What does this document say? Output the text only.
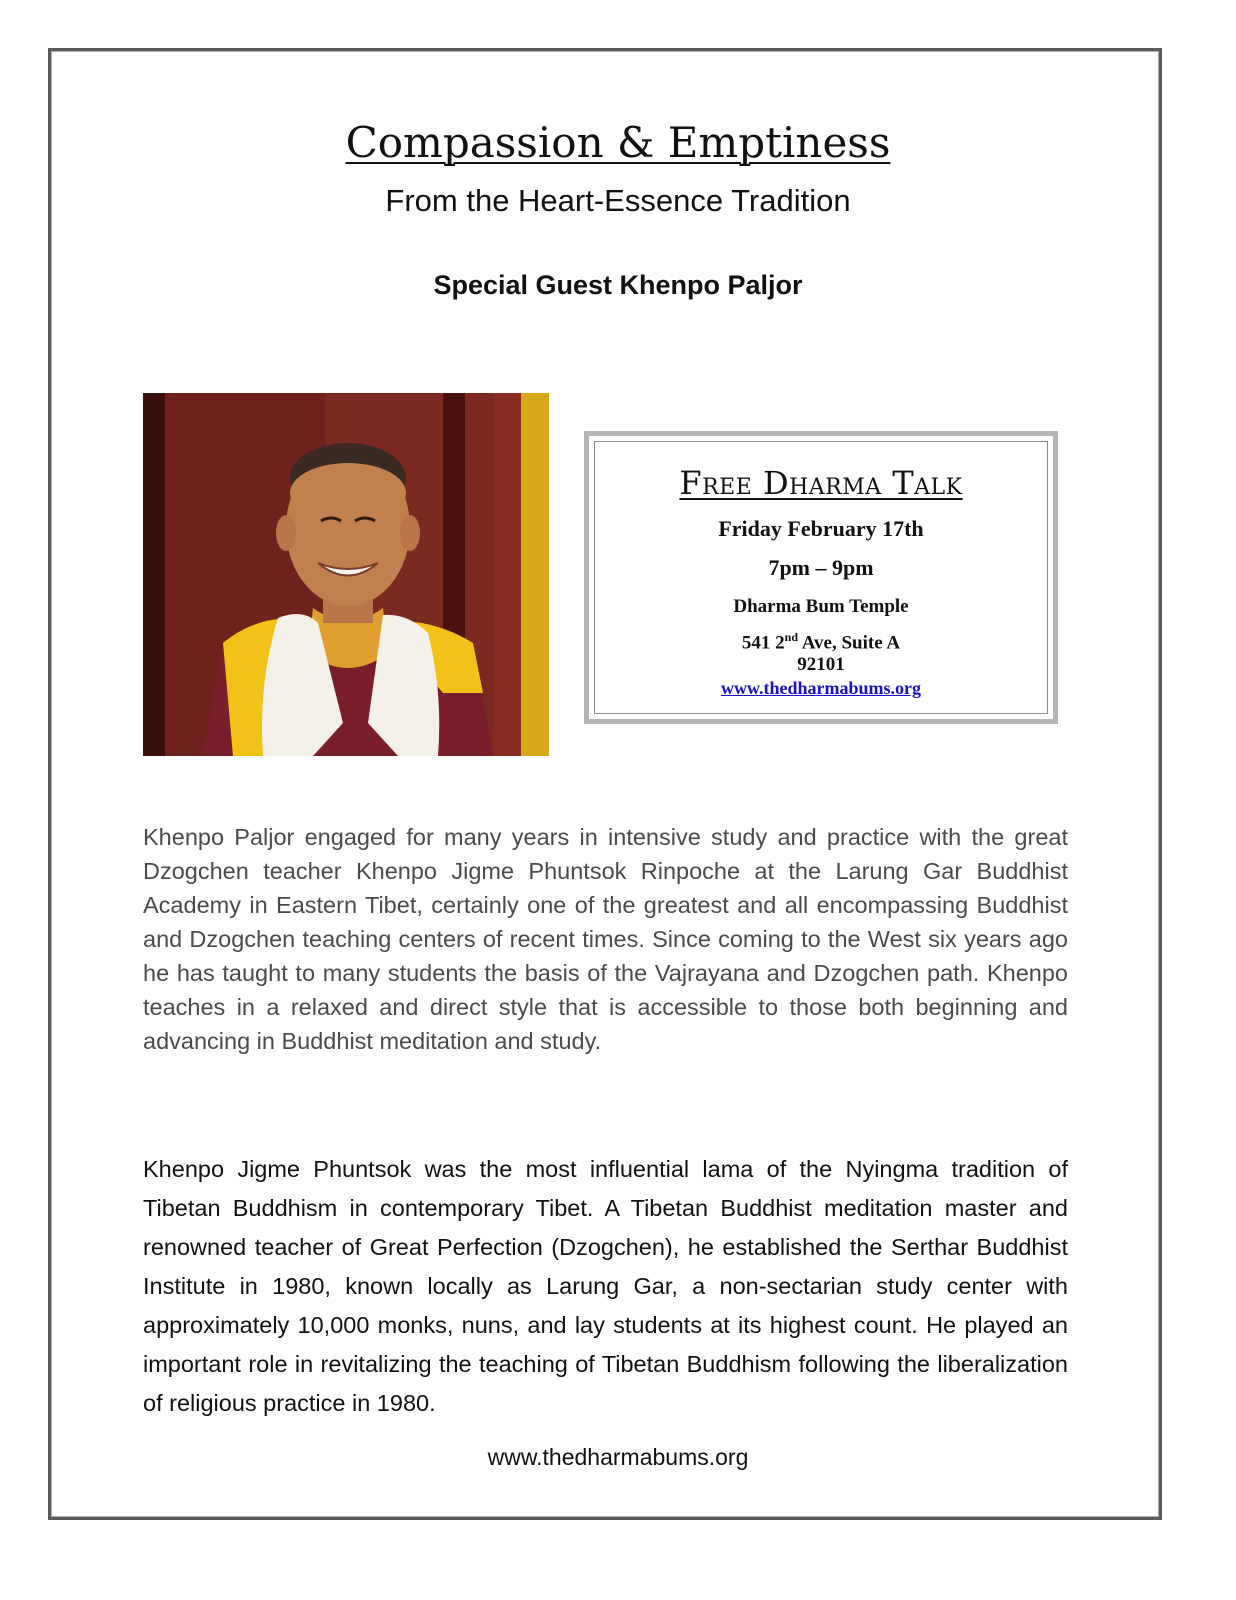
Compassion & Emptiness
From the Heart-Essence Tradition
Special Guest Khenpo Paljor
Free Dharma Talk
Friday February 17th
7pm – 9pm
Dharma Bum Temple
541 2nd Ave, Suite A
92101
www.thedharmabums.org
Khenpo Paljor engaged for many years in intensive study and practice with the great Dzogchen teacher Khenpo Jigme Phuntsok Rinpoche at the Larung Gar Buddhist Academy in Eastern Tibet, certainly one of the greatest and all encompassing Buddhist and Dzogchen teaching centers of recent times. Since coming to the West six years ago he has taught to many students the basis of the Vajrayana and Dzogchen path. Khenpo teaches in a relaxed and direct style that is accessible to those both beginning and advancing in Buddhist meditation and study.
Khenpo Jigme Phuntsok was the most influential lama of the Nyingma tradition of Tibetan Buddhism in contemporary Tibet. A Tibetan Buddhist meditation master and renowned teacher of Great Perfection (Dzogchen), he established the Serthar Buddhist Institute in 1980, known locally as Larung Gar, a non-sectarian study center with approximately 10,000 monks, nuns, and lay students at its highest count. He played an important role in revitalizing the teaching of Tibetan Buddhism following the liberalization of religious practice in 1980.
www.thedharmabums.org
